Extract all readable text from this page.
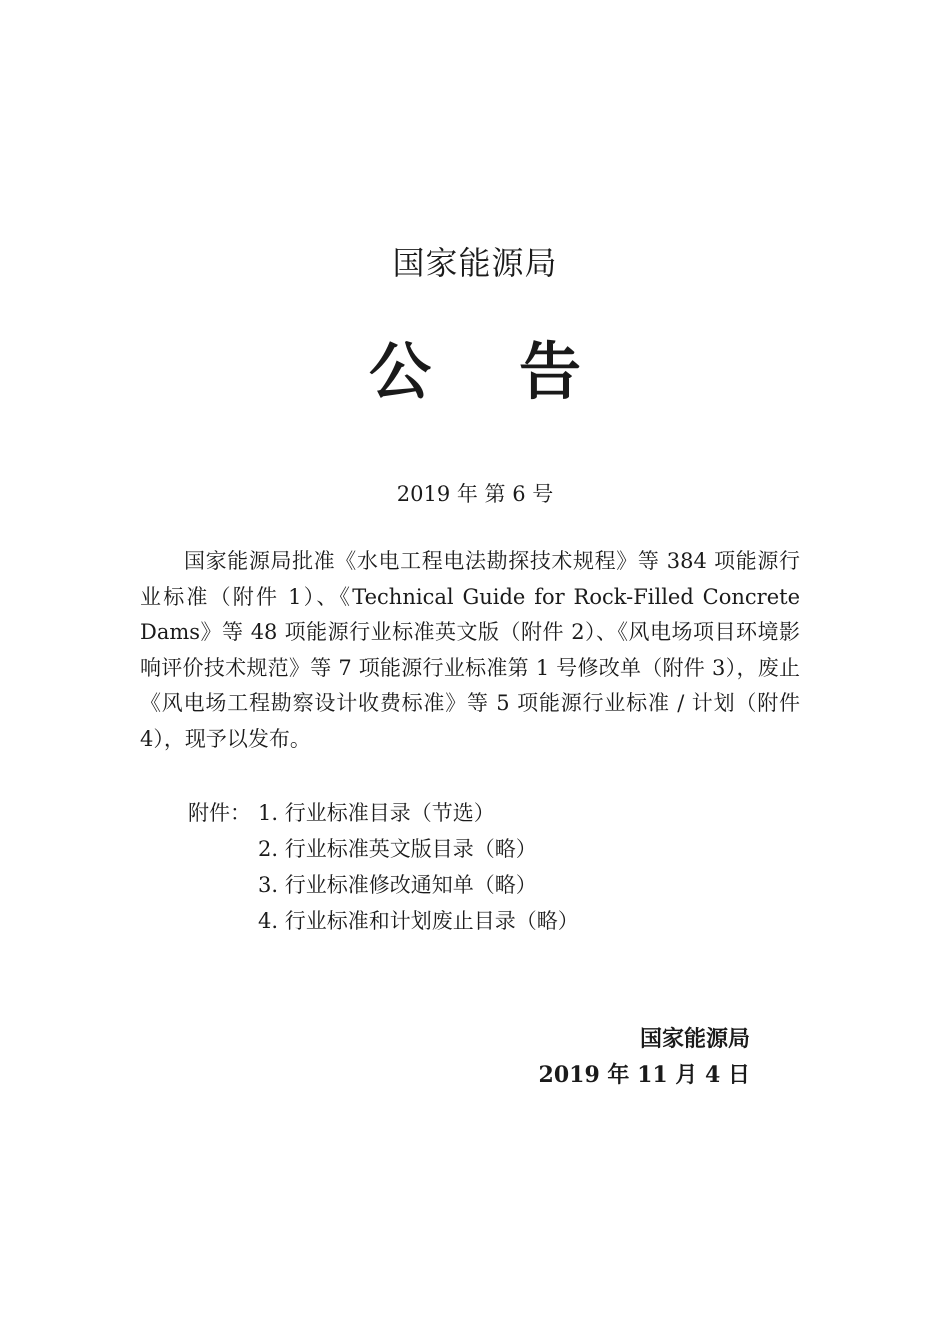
国家能源局
公告
2019 年 第 6 号
国家能源局批准《水电工程电法勘探技术规程》等 384 项能源行业标准（附件 1）、《Technical Guide for Rock-Filled Concrete Dams》等 48 项能源行业标准英文版（附件 2）、《风电场项目环境影响评价技术规范》等 7 项能源行业标准第 1 号修改单（附件 3），废止《风电场工程勘察设计收费标准》等 5 项能源行业标准 / 计划（附件 4），现予以发布。
附件： 1. 行业标准目录（节选）
2. 行业标准英文版目录（略）
3. 行业标准修改通知单（略）
4. 行业标准和计划废止目录（略）
国家能源局
2019 年 11 月 4 日
